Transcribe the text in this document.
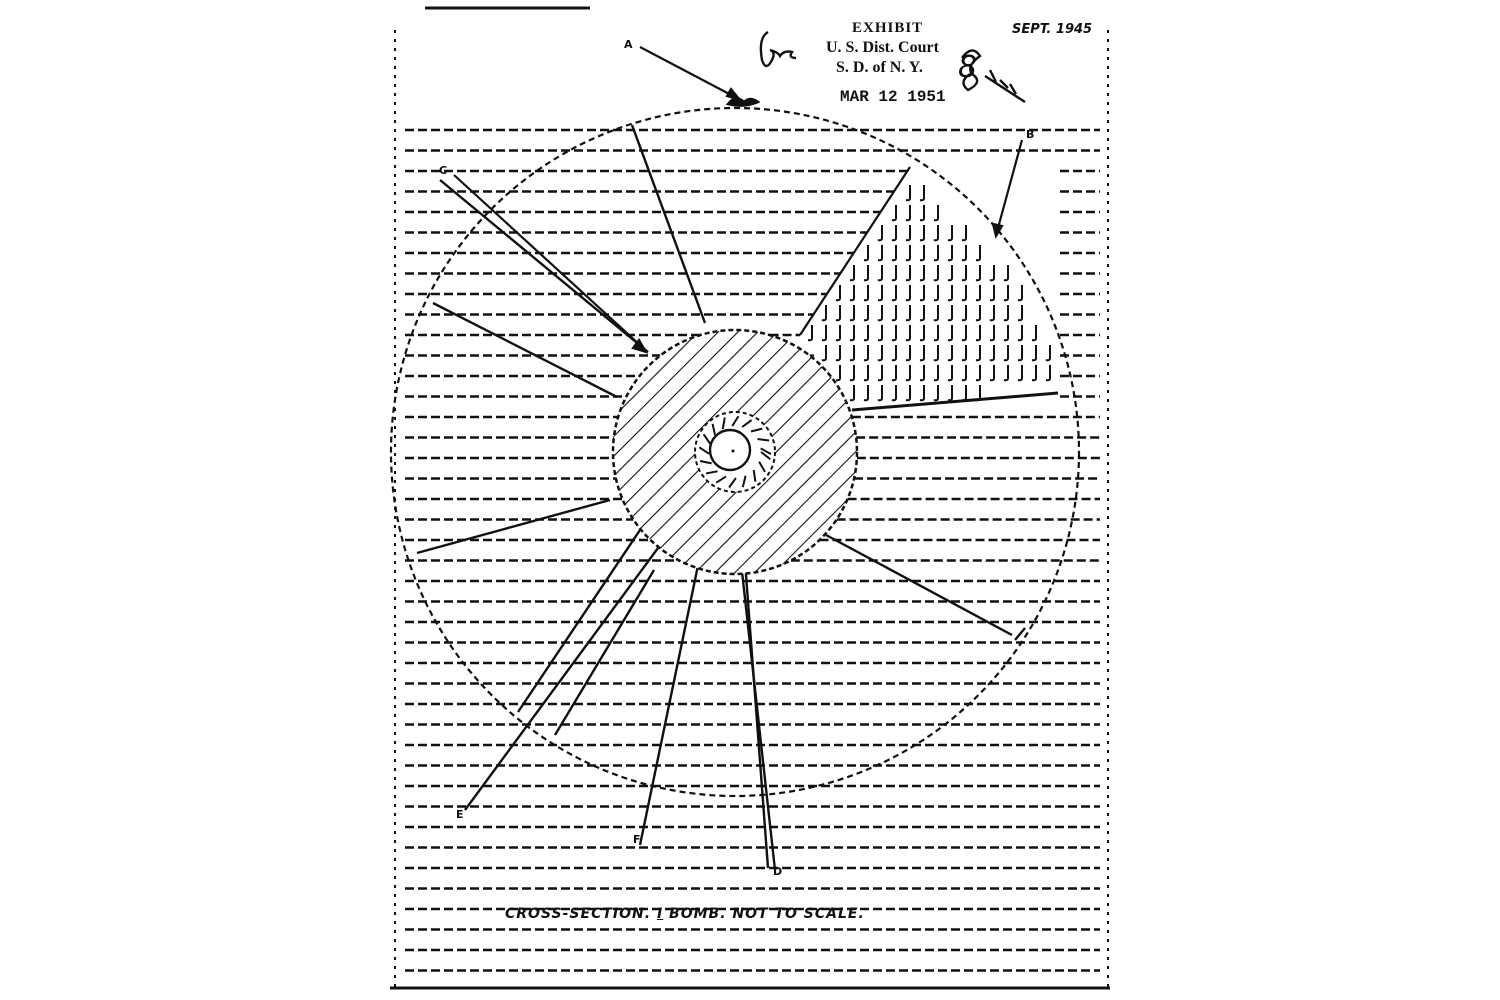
EXHIBIT
U. S. Dist. Court
S. D. of N. Y.
MAR 12 1951
SEPT. 1945
8
A
B
C
E
F
D
CROSS-SECTION. I BOMB. NOT TO SCALE.
